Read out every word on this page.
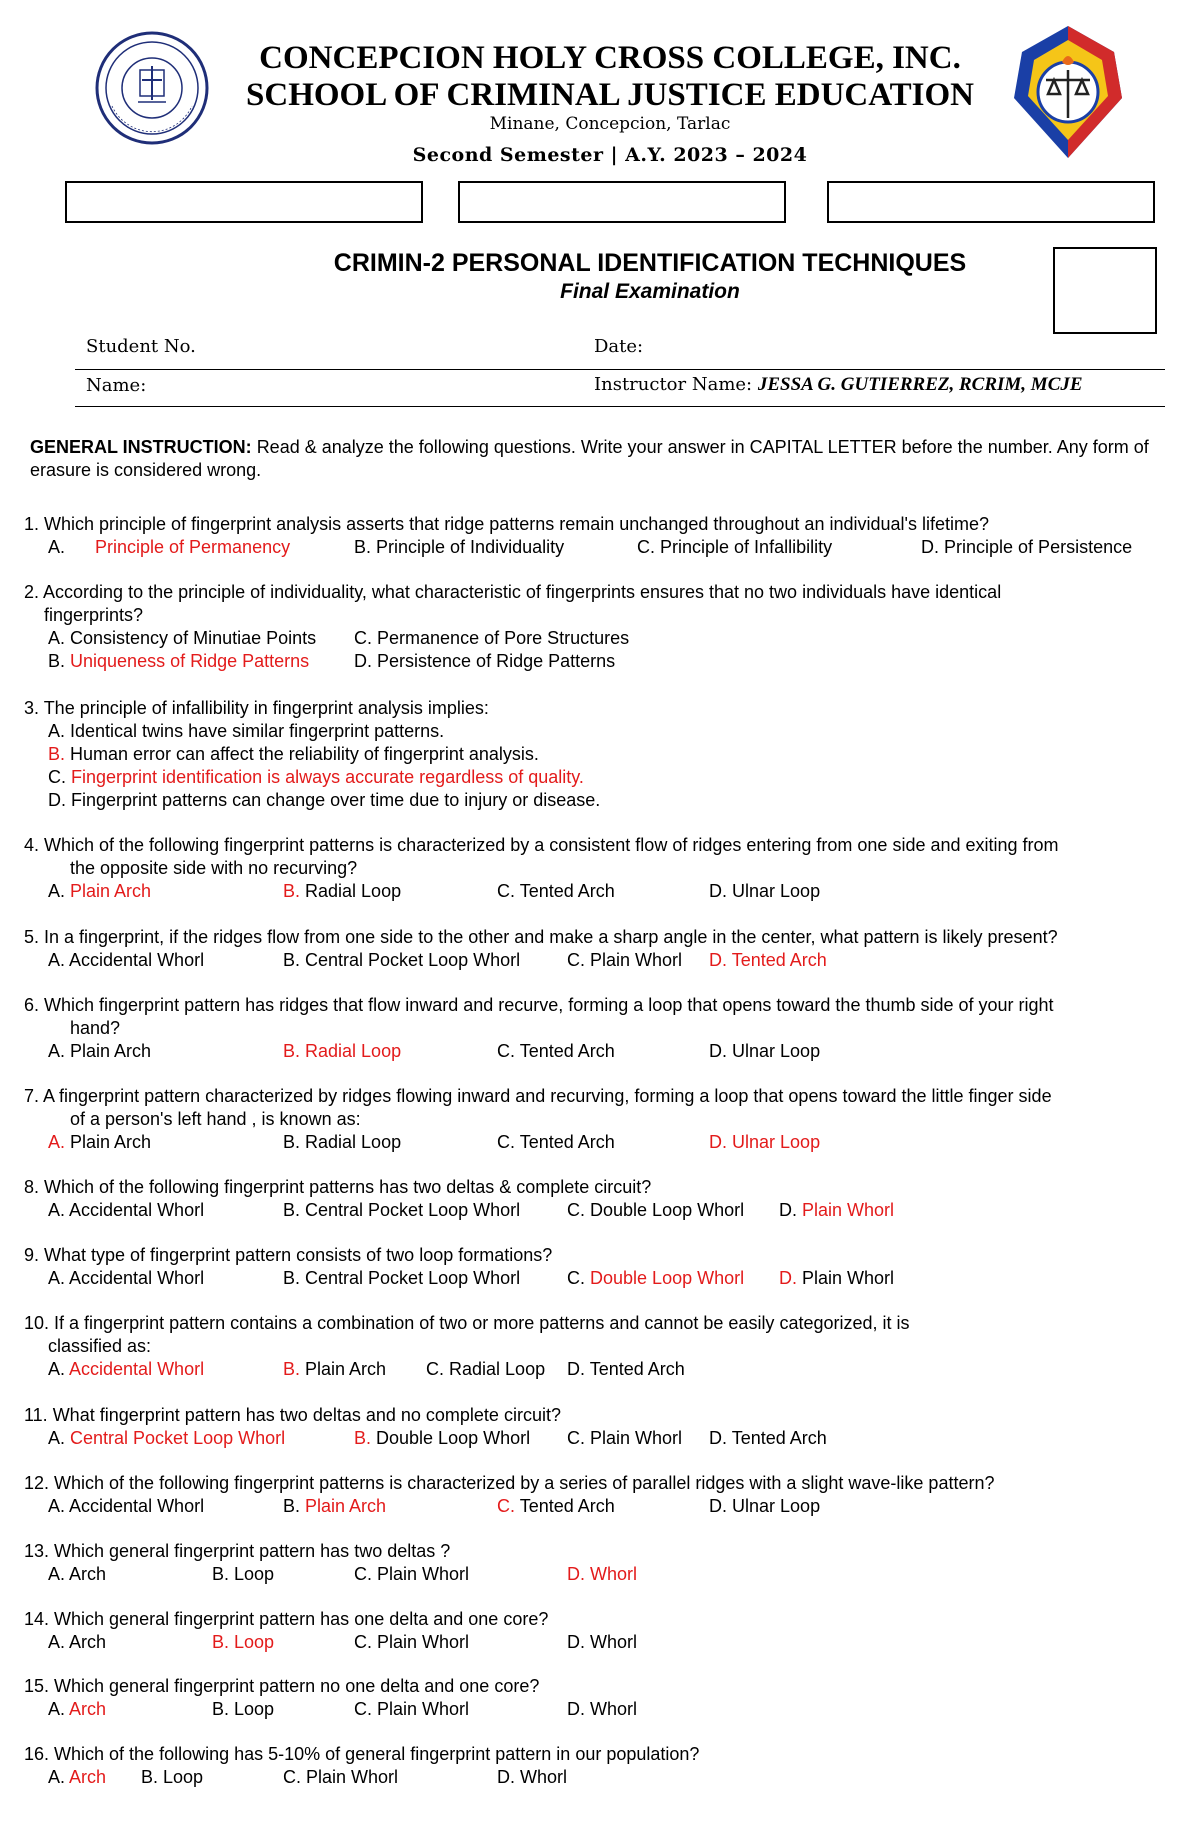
CONCEPCION HOLY CROSS COLLEGE, INC.
SCHOOL OF CRIMINAL JUSTICE EDUCATION
Minane, Concepcion, Tarlac
Second Semester | A.Y. 2023 – 2024
CRIMIN-2 PERSONAL IDENTIFICATION TECHNIQUES
Final Examination
Student No.	Date:
Name:	Instructor Name: JESSA G. GUTIERREZ, RCRIM, MCJE
GENERAL INSTRUCTION: Read & analyze the following questions. Write your answer in CAPITAL LETTER before the number. Any form of erasure is considered wrong.
1. Which principle of fingerprint analysis asserts that ridge patterns remain unchanged throughout an individual's lifetime?
A. Principle of Permanency	B. Principle of Individuality	C. Principle of Infallibility	D. Principle of Persistence
2. According to the principle of individuality, what characteristic of fingerprints ensures that no two individuals have identical
fingerprints?
A. Consistency of Minutiae Points C. Permanence of Pore Structures
B. Uniqueness of Ridge Patterns D. Persistence of Ridge Patterns
3. The principle of infallibility in fingerprint analysis implies:
A. Identical twins have similar fingerprint patterns.
B. Human error can affect the reliability of fingerprint analysis.
C. Fingerprint identification is always accurate regardless of quality.
D. Fingerprint patterns can change over time due to injury or disease.
4. Which of the following fingerprint patterns is characterized by a consistent flow of ridges entering from one side and exiting from
the opposite side with no recurving?
A. Plain Arch	B. Radial Loop	C. Tented Arch	D. Ulnar Loop
5. In a fingerprint, if the ridges flow from one side to the other and make a sharp angle in the center, what pattern is likely present?
A. Accidental Whorl	B. Central Pocket Loop Whorl	C. Plain Whorl D. Tented Arch
6. Which fingerprint pattern has ridges that flow inward and recurve, forming a loop that opens toward the thumb side of your right
hand?
A. Plain Arch	B. Radial Loop	C. Tented Arch	D. Ulnar Loop
7. A fingerprint pattern characterized by ridges flowing inward and recurving, forming a loop that opens toward the little finger side
of a person's left hand , is known as:
A. Plain Arch	B. Radial Loop	C. Tented Arch	D. Ulnar Loop
8. Which of the following fingerprint patterns has two deltas & complete circuit?
A. Accidental Whorl	B. Central Pocket Loop Whorl	C. Double Loop Whorl D. Plain Whorl
9. What type of fingerprint pattern consists of two loop formations?
A. Accidental Whorl	B. Central Pocket Loop Whorl	C. Double Loop Whorl D. Plain Whorl
10. If a fingerprint pattern contains a combination of two or more patterns and cannot be easily categorized, it is
classified as:
A. Accidental Whorl	B. Plain Arch C. Radial Loop D. Tented Arch
11. What fingerprint pattern has two deltas and no complete circuit?
A. Central Pocket Loop Whorl	B. Double Loop Whorl C. Plain Whorl D. Tented Arch
12. Which of the following fingerprint patterns is characterized by a series of parallel ridges with a slight wave-like pattern?
A. Accidental Whorl	B. Plain Arch	C. Tented Arch	D. Ulnar Loop
13. Which general fingerprint pattern has two deltas ?
A. Arch	B. Loop	C. Plain Whorl	D. Whorl
14. Which general fingerprint pattern has one delta and one core?
A. Arch	B. Loop	C. Plain Whorl	D. Whorl
15. Which general fingerprint pattern no one delta and one core?
A. Arch	B. Loop	C. Plain Whorl	D. Whorl
16. Which of the following has 5-10% of general fingerprint pattern in our population?
A. Arch B. Loop	C. Plain Whorl	D. Whorl
